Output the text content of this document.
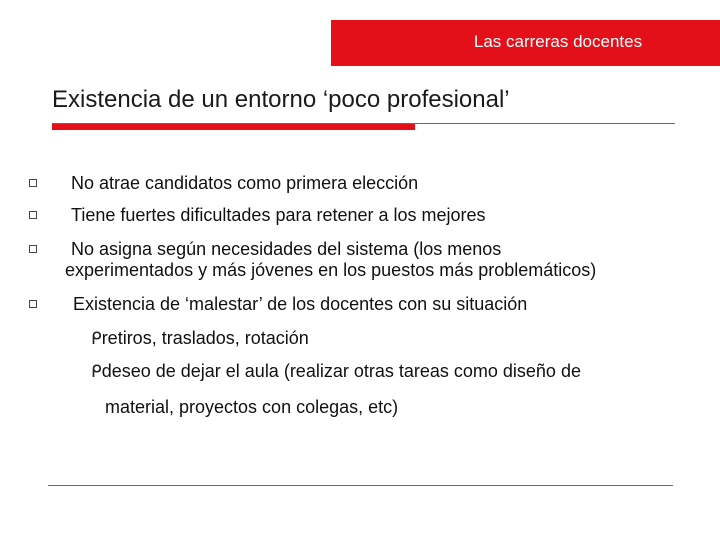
Las carreras docentes
Existencia de un entorno ‘poco profesional’
No atrae candidatos como primera elección
Tiene fuertes dificultades para retener a los mejores
No asigna según necesidades del sistema (los menos
experimentados y más jóvenes en los puestos más problemáticos)
Existencia de ‘malestar’ de los docentes con su situación
ᑭretiros, traslados, rotación
ᑭdeseo de dejar el aula (realizar otras tareas como diseño de
material, proyectos con colegas, etc)
